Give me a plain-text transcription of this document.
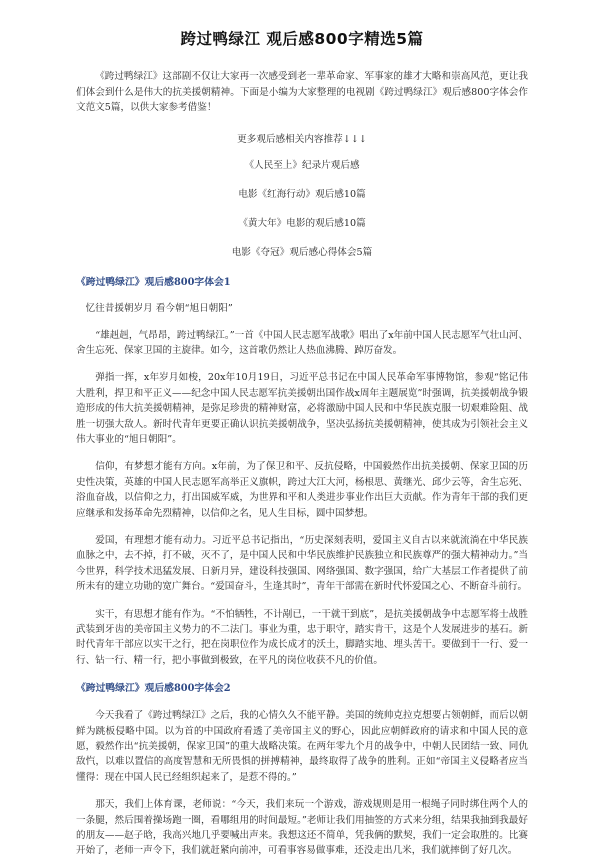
跨过鸭绿江 观后感800字精选5篇

《跨过鸭绿江》这部剧不仅让大家再一次感受到老一辈革命家、军事家的雄才大略和崇高风范，更让我们体会到什么是伟大的抗美援朝精神。下面是小编为大家整理的电视剧《跨过鸭绿江》观后感800字体会作文范文5篇，以供大家参考借鉴！

更多观后感相关内容推荐↓↓↓
《人民至上》纪录片观后感
电影《红海行动》观后感10篇
《黄大年》电影的观后感10篇
电影《夺冠》观后感心得体会5篇
《跨过鸭绿江》观后感800字体会1

忆往昔援朝岁月 看今朝“旭日朝阳”

“雄赳赳，气昂昂，跨过鸭绿江。”一首《中国人民志愿军战歌》唱出了x年前中国人民志愿军气壮山河、舍生忘死、保家卫国的主旋律。如今，这首歌仍然让人热血沸腾、踔厉奋发。

弹指一挥，x年岁月如梭，20x年10月19日，习近平总书记在中国人民革命军事博物馆，参观“铭记伟大胜利，捍卫和平正义——纪念中国人民志愿军抗美援朝出国作战x周年主题展览”时强调，抗美援朝战争锻造形成的伟大抗美援朝精神，是弥足珍贵的精神财富，必将激励中国人民和中华民族克服一切艰难险阻、战胜一切强大敌人。新时代青年更要正确认识抗美援朝战争，坚决弘扬抗美援朝精神，使其成为引领社会主义伟大事业的“旭日朝阳”。

信仰，有梦想才能有方向。x年前，为了保卫和平、反抗侵略，中国毅然作出抗美援朝、保家卫国的历史性决策，英雄的中国人民志愿军高举正义旗帜，跨过大江大河，杨根思、黄继光、邱少云等，舍生忘死、浴血奋战，以信仰之力，打出国威军威，为世界和平和人类进步事业作出巨大贡献。作为青年干部的我们更应继承和发扬革命先烈精神，以信仰之名，见人生目标，圆中国梦想。

爱国，有理想才能有动力。习近平总书记指出，“历史深刻表明，爱国主义自古以来就流淌在中华民族血脉之中，去不掉，打不破，灭不了，是中国人民和中华民族维护民族独立和民族尊严的强大精神动力。”当今世界，科学技术迅猛发展、日新月异，建设科技强国、网络强国、数字强国，给广大基层工作者提供了前所未有的建立功勋的宽广舞台。“爱国奋斗，生逢其时”，青年干部需在新时代怀爱国之心、不断奋斗前行。

实干，有思想才能有作为。“不怕牺牲，不计剐已，一干就干到底”，是抗美援朝战争中志愿军将士战胜武装到牙齿的美帝国主义势力的不二法门。事业为重，忠于职守，踏实肯干，这是个人发展进步的基石。新时代青年干部应以实干之行，把在岗职位作为成长成才的沃土，脚踏实地、埋头苦干。要做到干一行、爱一行、钻一行、精一行，把小事做到极致，在平凡的岗位收获不凡的价值。

《跨过鸭绿江》观后感800字体会2

今天我看了《跨过鸭绿江》之后，我的心情久久不能平静。美国的统帅克拉克想要占领朝鲜，而后以朝鲜为跳板侵略中国。以为首的中国政府看透了美帝国主义的野心，因此应朝鲜政府的请求和中国人民的意愿，毅然作出“抗美援朝，保家卫国”的重大战略决策。在两年零九个月的战争中，中朝人民团结一致、同仇敌忾，以难以置信的高度智慧和无所畏惧的拼搏精神，最终取得了战争的胜利。正如“帝国主义侵略者应当懂得：现在中国人民已经组织起来了，是惹不得的。”

那天，我们上体育课，老师说：“今天，我们来玩一个游戏，游戏规则是用一根绳子同时绑住两个人的一条腿，然后围着操场跑一圈，看哪组用的时间最短。”老师让我们用抽签的方式来分组，结果我抽到我最好的朋友——赵子晗，我高兴地几乎要喊出声来。我想这还不简单，凭我俩的默契，我们一定会取胜的。比赛开始了，老师一声令下，我们就赶紧向前冲，可看事容易做事难，还没走出几米，我们就摔倒了好几次。
